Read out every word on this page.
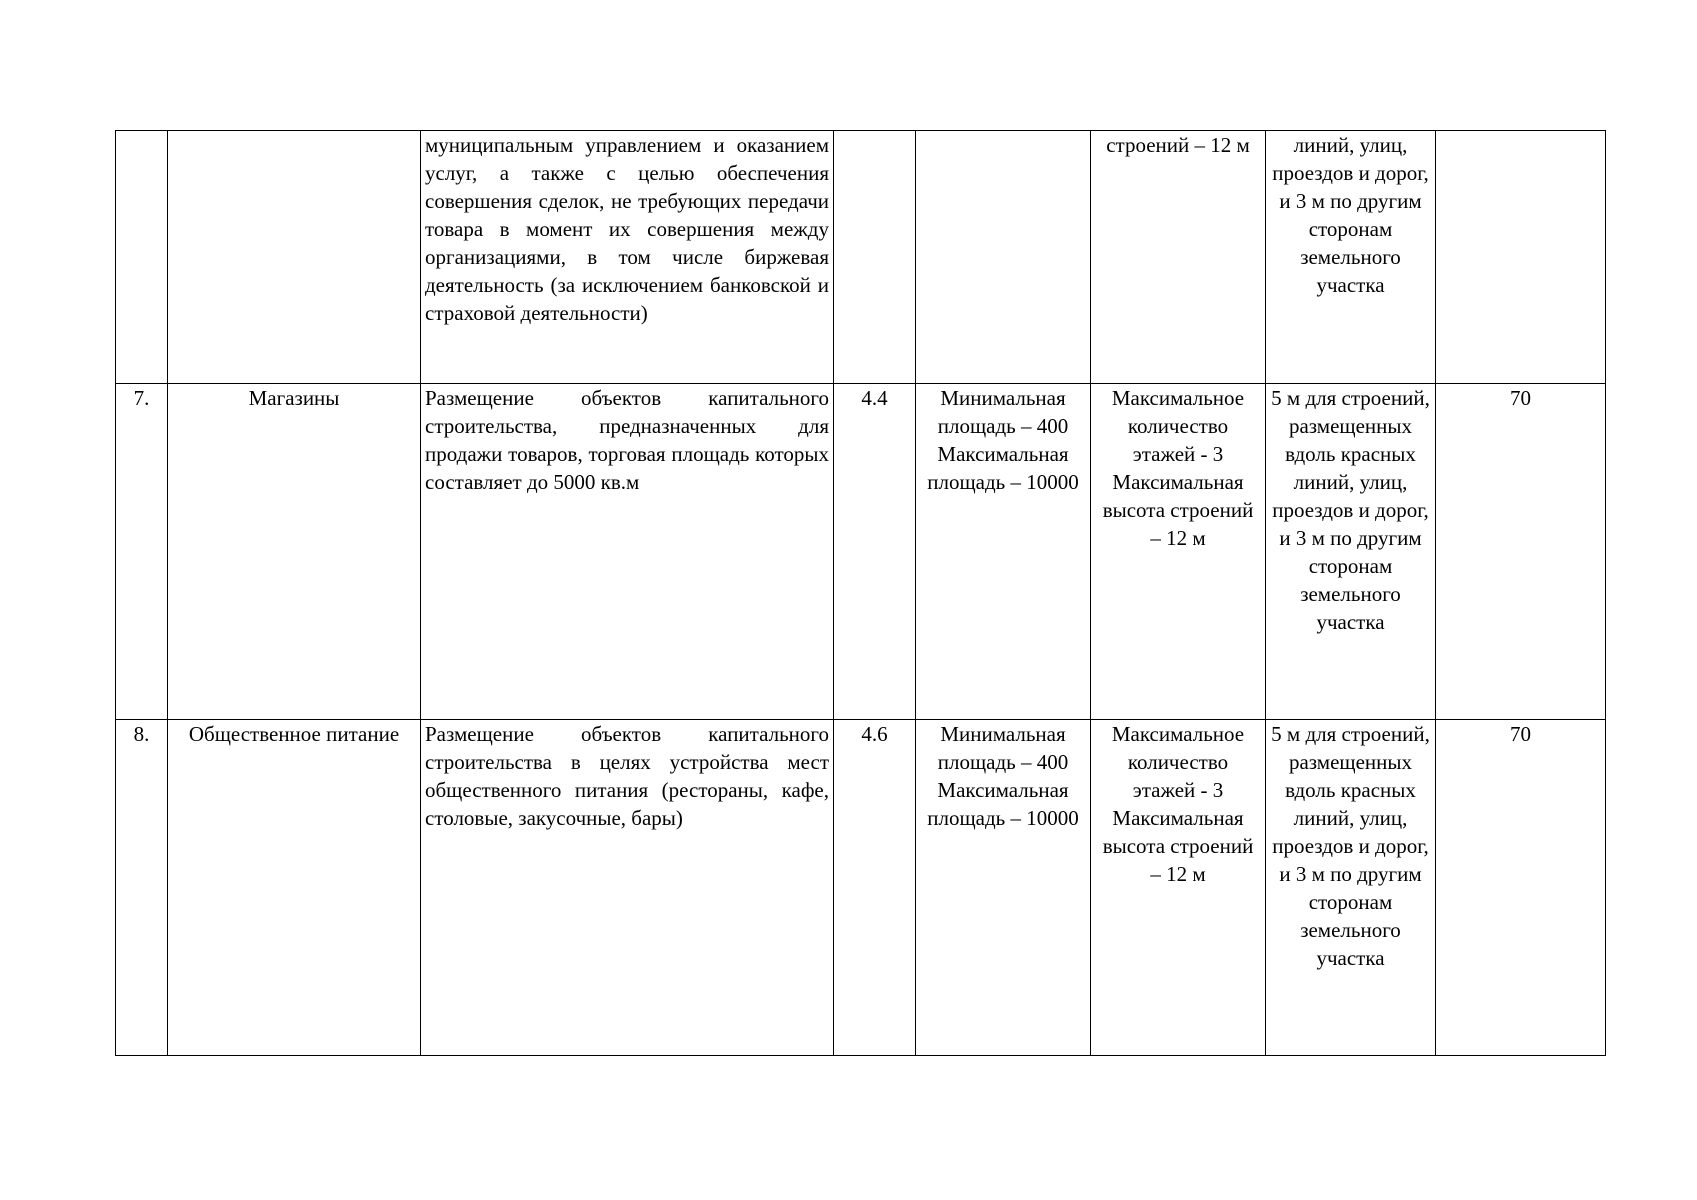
		муниципальным управлением и оказанием услуг, а также с целью обеспечения совершения сделок, не требующих передачи товара в момент их совершения между организациями, в том числе биржевая деятельность (за исключением банковской и страховой деятельности)			строений – 12 м	линий, улиц, проездов и дорог, и 3 м по другим сторонам земельного участка	
7.	Магазины	Размещение объектов капитального строительства, предназначенных для продажи товаров, торговая площадь которых составляет до 5000 кв.м	4.4	Минимальная площадь – 400 Максимальная площадь – 10000	Максимальное количество этажей - 3 Максимальная высота строений – 12 м	5 м для строений, размещенных вдоль красных линий, улиц, проездов и дорог, и 3 м по другим сторонам земельного участка	70
8.	Общественное питание	Размещение объектов капитального строительства в целях устройства мест общественного питания (рестораны, кафе, столовые, закусочные, бары)	4.6	Минимальная площадь – 400 Максимальная площадь – 10000	Максимальное количество этажей - 3 Максимальная высота строений – 12 м	5 м для строений, размещенных вдоль красных линий, улиц, проездов и дорог, и 3 м по другим сторонам земельного участка	70
